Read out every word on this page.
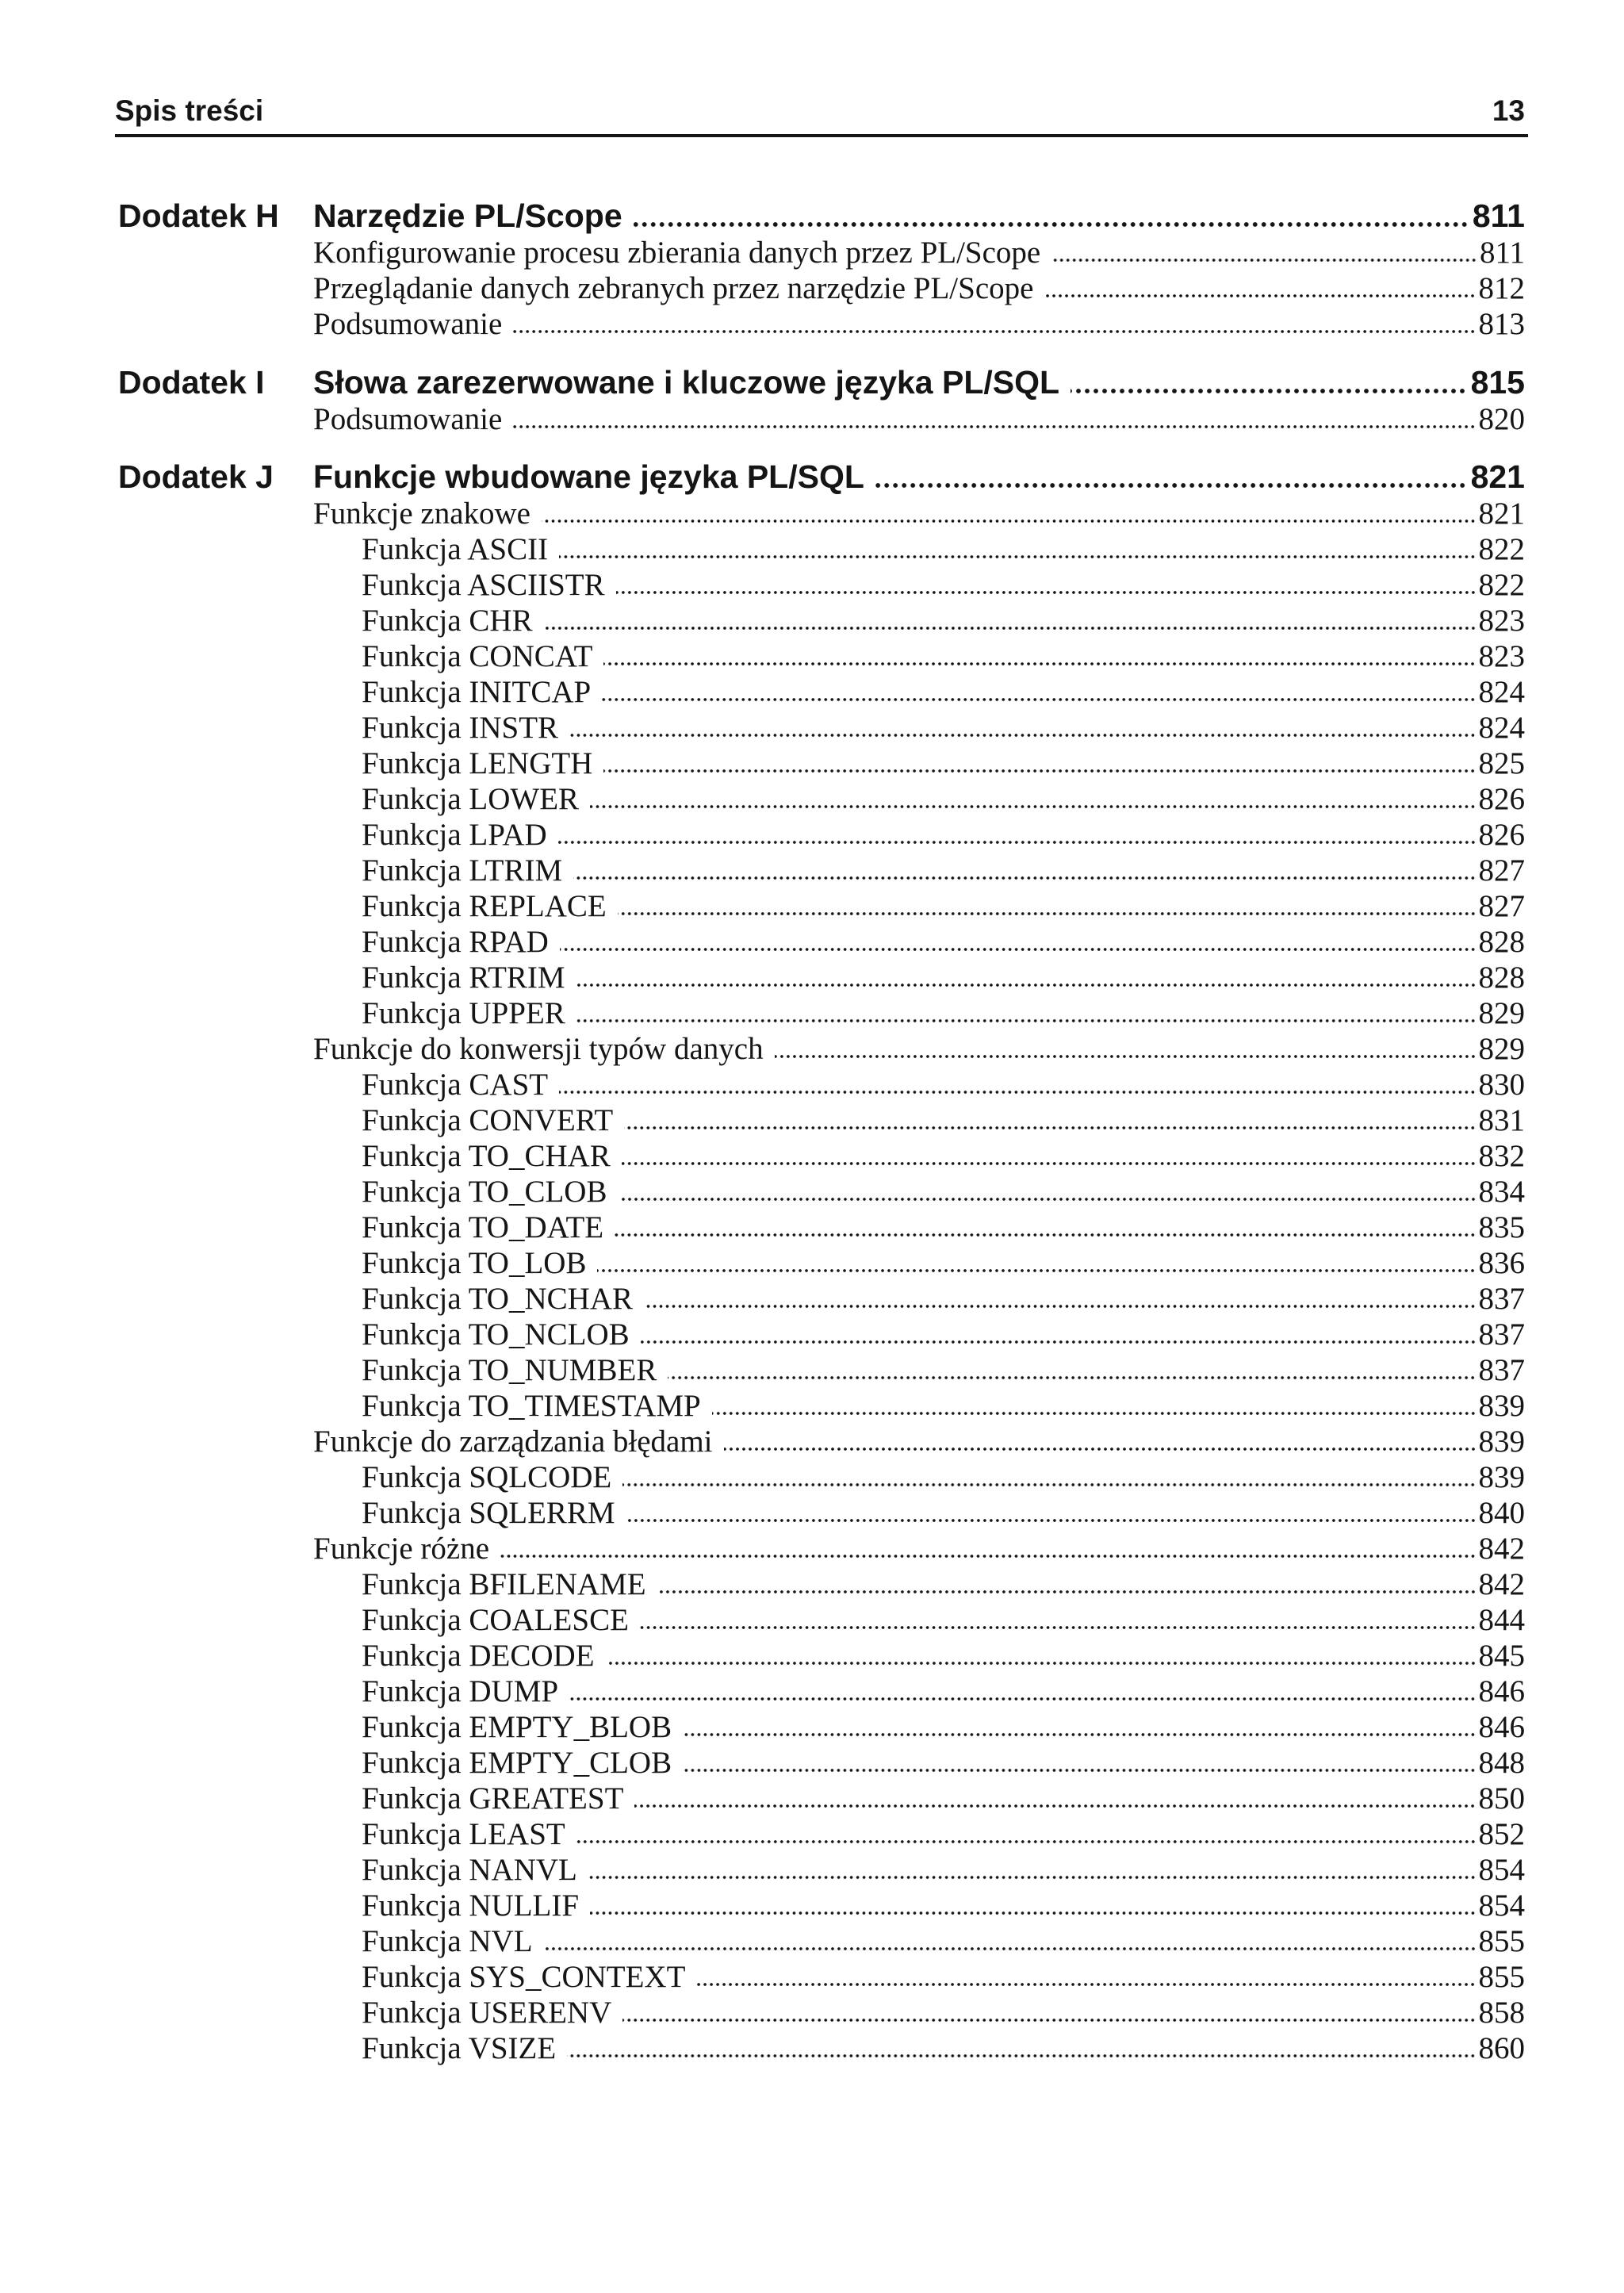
Spis treści	13
Dodatek H	Narzędzie PL/Scope	811
Konfigurowanie procesu zbierania danych przez PL/Scope	811
Przeglądanie danych zebranych przez narzędzie PL/Scope	812
Podsumowanie	813
Dodatek I	Słowa zarezerwowane i kluczowe języka PL/SQL	815
Podsumowanie	820
Dodatek J	Funkcje wbudowane języka PL/SQL	821
Funkcje znakowe	821
Funkcja ASCII	822
Funkcja ASCIISTR	822
Funkcja CHR	823
Funkcja CONCAT	823
Funkcja INITCAP	824
Funkcja INSTR	824
Funkcja LENGTH	825
Funkcja LOWER	826
Funkcja LPAD	826
Funkcja LTRIM	827
Funkcja REPLACE	827
Funkcja RPAD	828
Funkcja RTRIM	828
Funkcja UPPER	829
Funkcje do konwersji typów danych	829
Funkcja CAST	830
Funkcja CONVERT	831
Funkcja TO_CHAR	832
Funkcja TO_CLOB	834
Funkcja TO_DATE	835
Funkcja TO_LOB	836
Funkcja TO_NCHAR	837
Funkcja TO_NCLOB	837
Funkcja TO_NUMBER	837
Funkcja TO_TIMESTAMP	839
Funkcje do zarządzania błędami	839
Funkcja SQLCODE	839
Funkcja SQLERRM	840
Funkcje różne	842
Funkcja BFILENAME	842
Funkcja COALESCE	844
Funkcja DECODE	845
Funkcja DUMP	846
Funkcja EMPTY_BLOB	846
Funkcja EMPTY_CLOB	848
Funkcja GREATEST	850
Funkcja LEAST	852
Funkcja NANVL	854
Funkcja NULLIF	854
Funkcja NVL	855
Funkcja SYS_CONTEXT	855
Funkcja USERENV	858
Funkcja VSIZE	860
